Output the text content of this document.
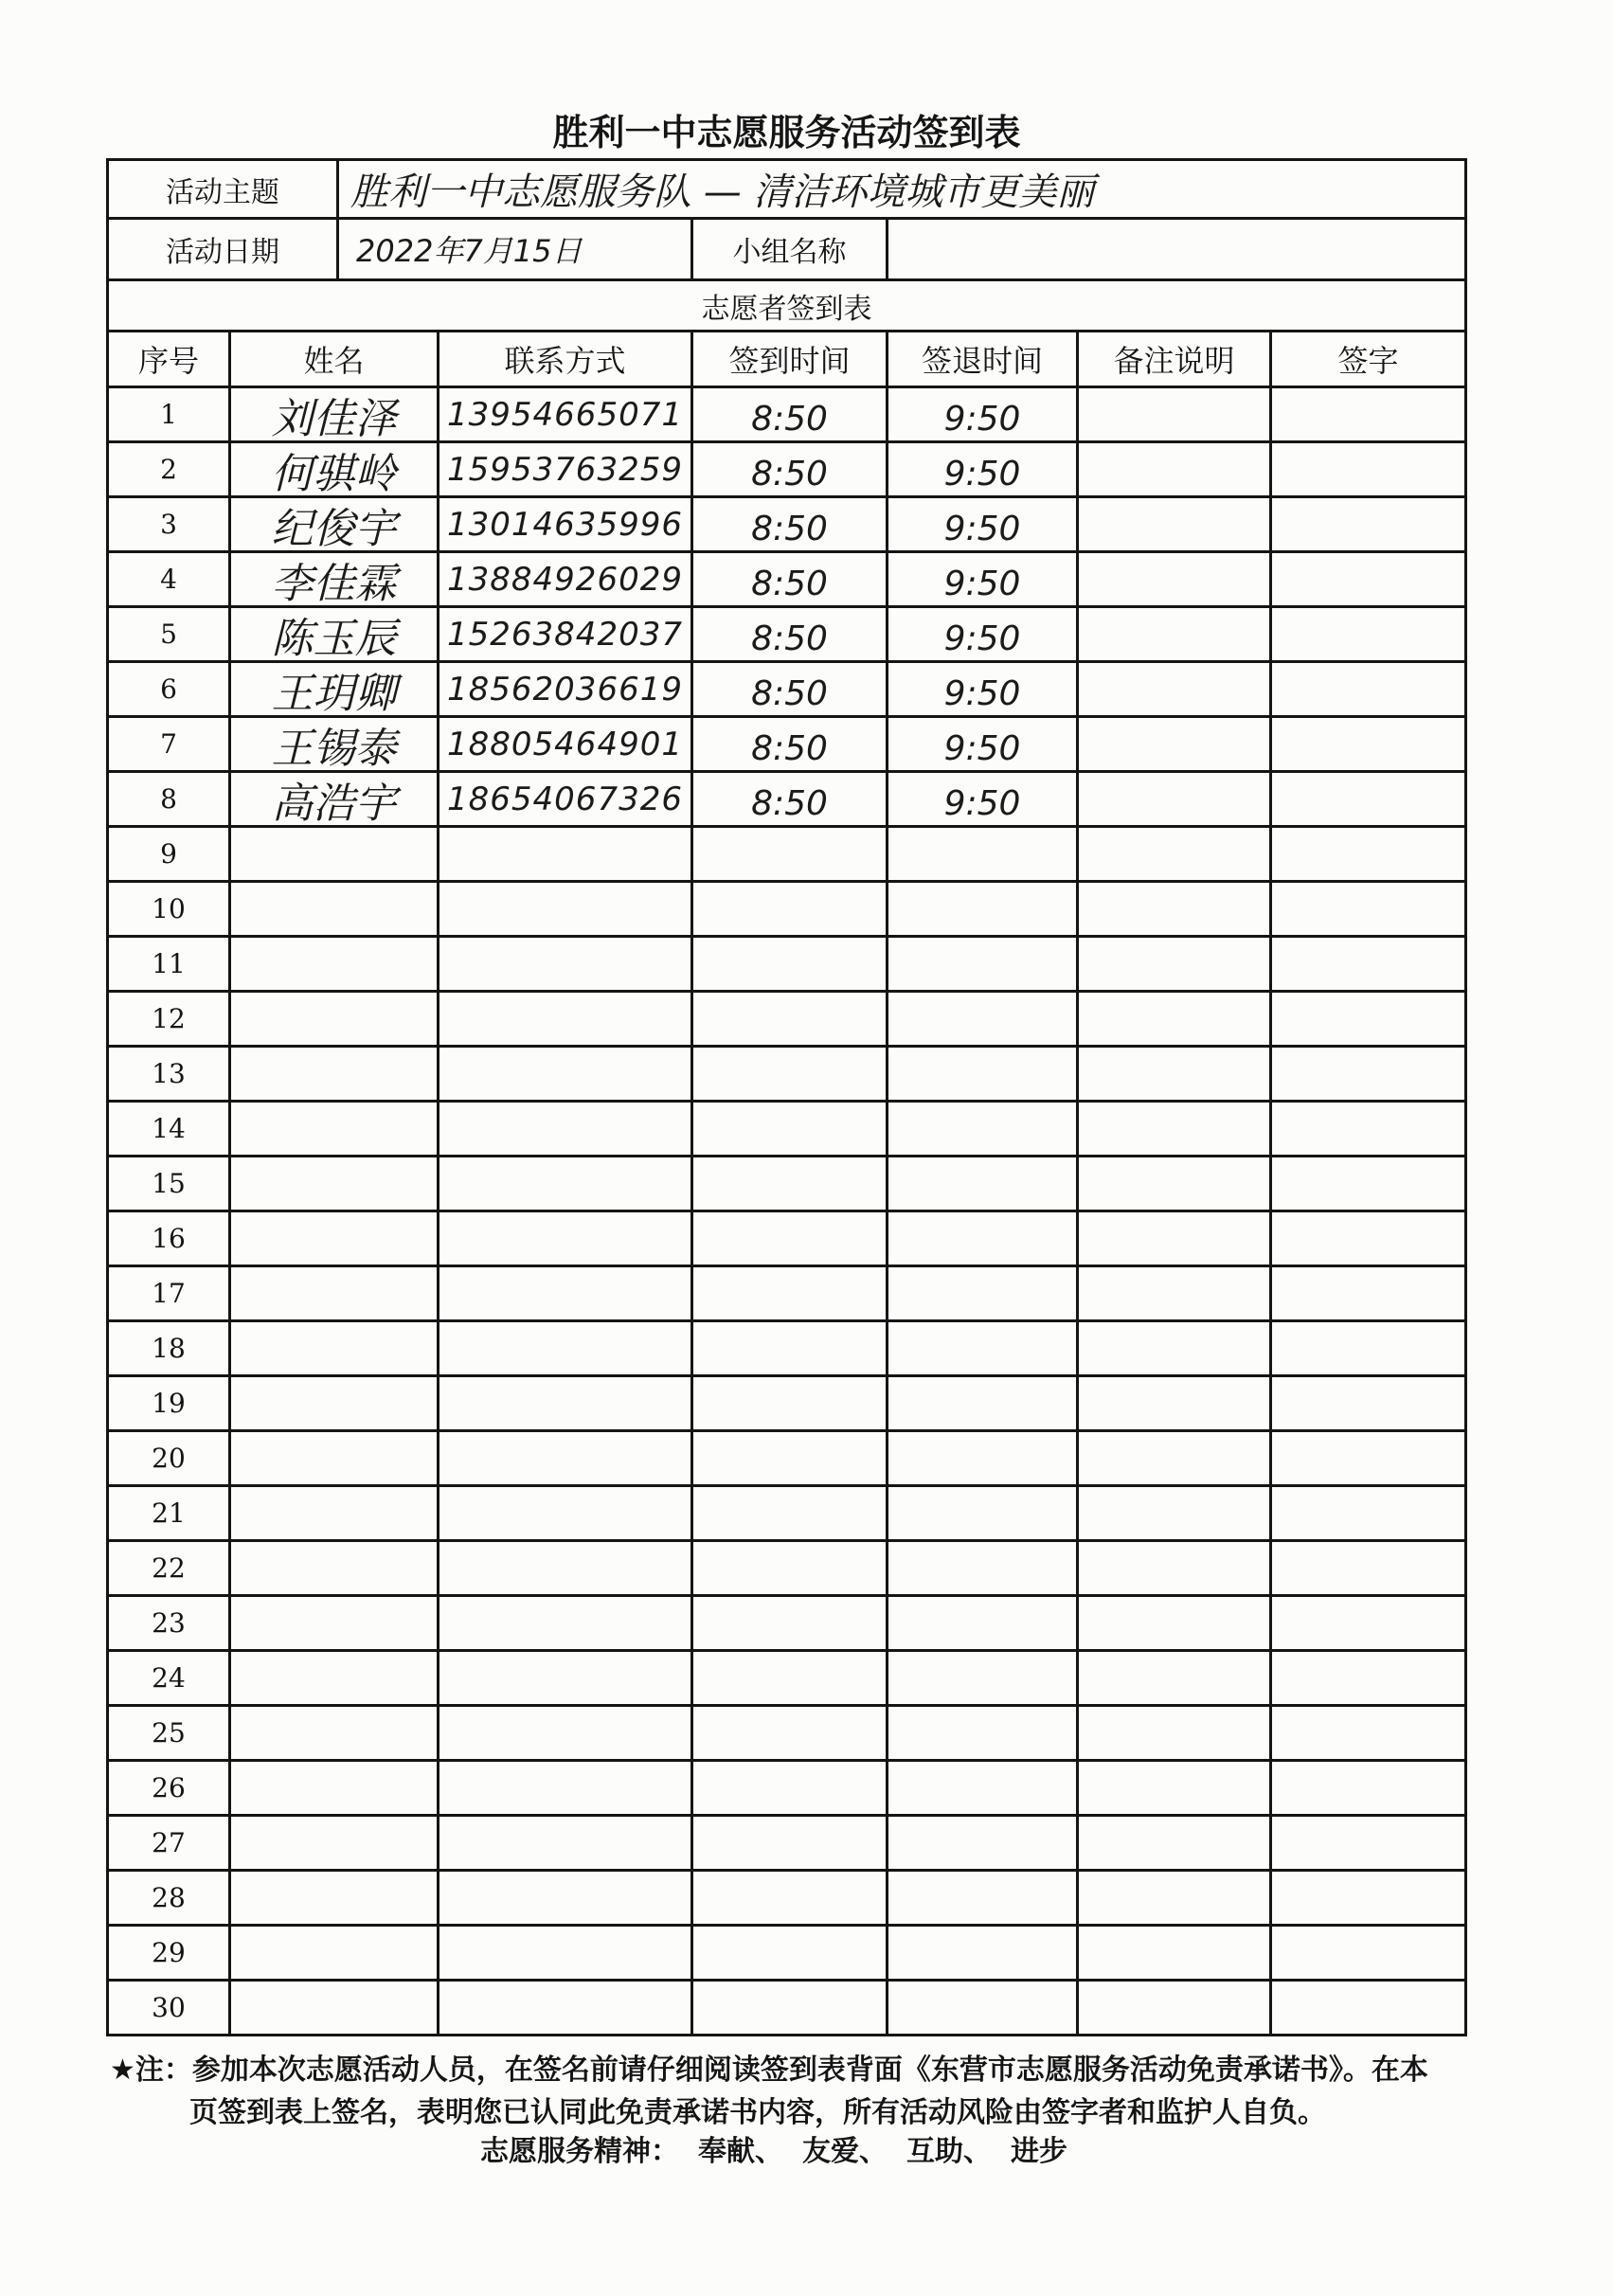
胜利一中志愿服务活动签到表
活动主题	胜利一中志愿服务队 — 清洁环境城市更美丽
活动日期	2022年7月15日	小组名称
志愿者签到表
序号	姓名	联系方式	签到时间	签退时间	备注说明	签字
1	刘佳泽	13954665071	8:50	9:50
2	何骐岭	15953763259	8:50	9:50
3	纪俊宇	13014635996	8:50	9:50
4	李佳霖	13884926029	8:50	9:50
5	陈玉辰	15263842037	8:50	9:50
6	王玥卿	18562036619	8:50	9:50
7	王锡泰	18805464901	8:50	9:50
8	高浩宇	18654067326	8:50	9:50
9
10
11
12
13
14
15
16
17
18
19
20
21
22
23
24
25
26
27
28
29
30
★注：参加本次志愿活动人员，在签名前请仔细阅读签到表背面《东营市志愿服务活动免责承诺书》。在本
页签到表上签名，表明您已认同此免责承诺书内容，所有活动风险由签字者和监护人自负。
志愿服务精神： 奉献、 友爱、 互助、 进步
